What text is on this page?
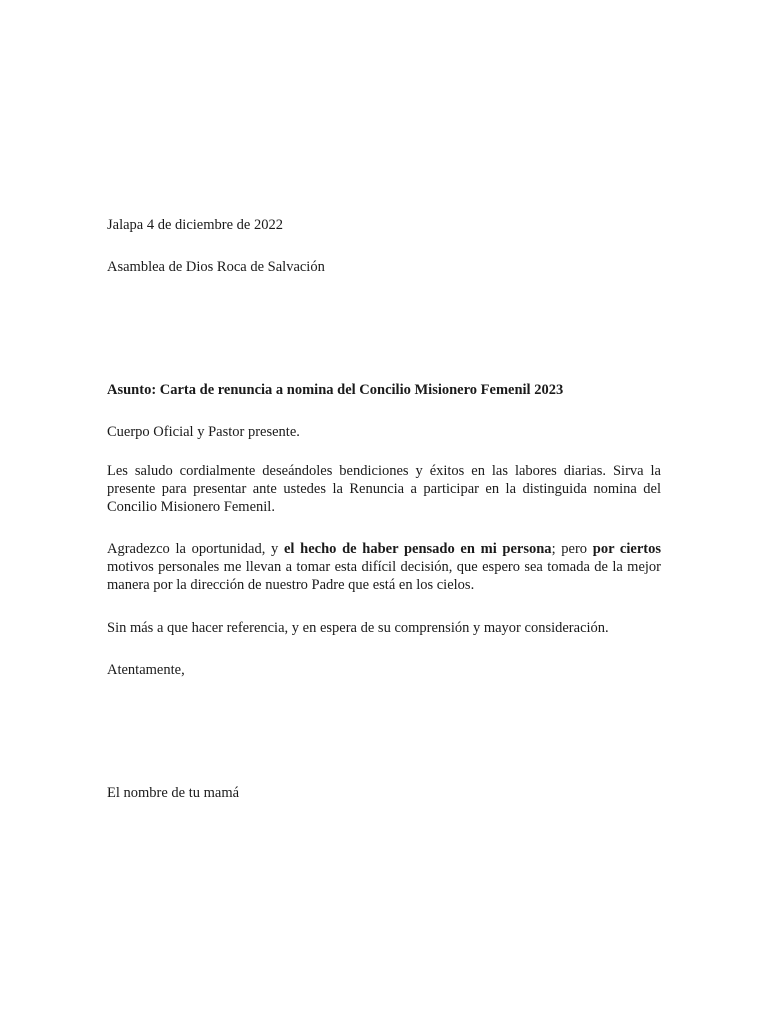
Jalapa 4 de diciembre de 2022

Asamblea de Dios Roca de Salvación

Asunto: Carta de renuncia a nomina del Concilio Misionero Femenil 2023

Cuerpo Oficial y Pastor presente.

Les saludo cordialmente deseándoles bendiciones y éxitos en las labores diarias. Sirva la presente para presentar ante ustedes la Renuncia a participar en la distinguida nomina del Concilio Misionero Femenil.

Agradezco la oportunidad, y el hecho de haber pensado en mi persona; pero por ciertos motivos personales me llevan a tomar esta difícil decisión, que espero sea tomada de la mejor manera por la dirección de nuestro Padre que está en los cielos.

Sin más a que hacer referencia, y en espera de su comprensión y mayor consideración.

Atentamente,

El nombre de tu mamá
